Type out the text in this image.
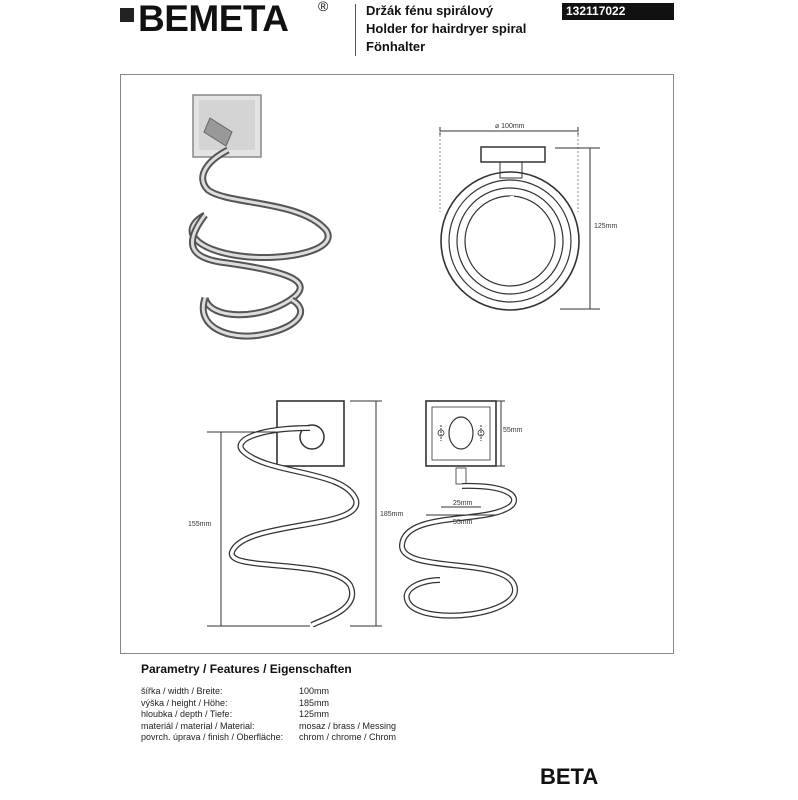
BEMETA ®	Držák fénu spirálový
Holder for hairdryer spiral
Fönhalter
132117022
⌀ 100mm
125mm
155mm
185mm
55mm
25mm
55mm
Parametry / Features / Eigenschaften
šířka / width / Breite:	100mm
výška / height / Höhe:	185mm
hloubka / depth / Tiefe:	125mm
materiál / material / Material:	mosaz / brass / Messing
povrch. úprava / finish / Oberfläche: chrom / chrome / Chrom
BETA
